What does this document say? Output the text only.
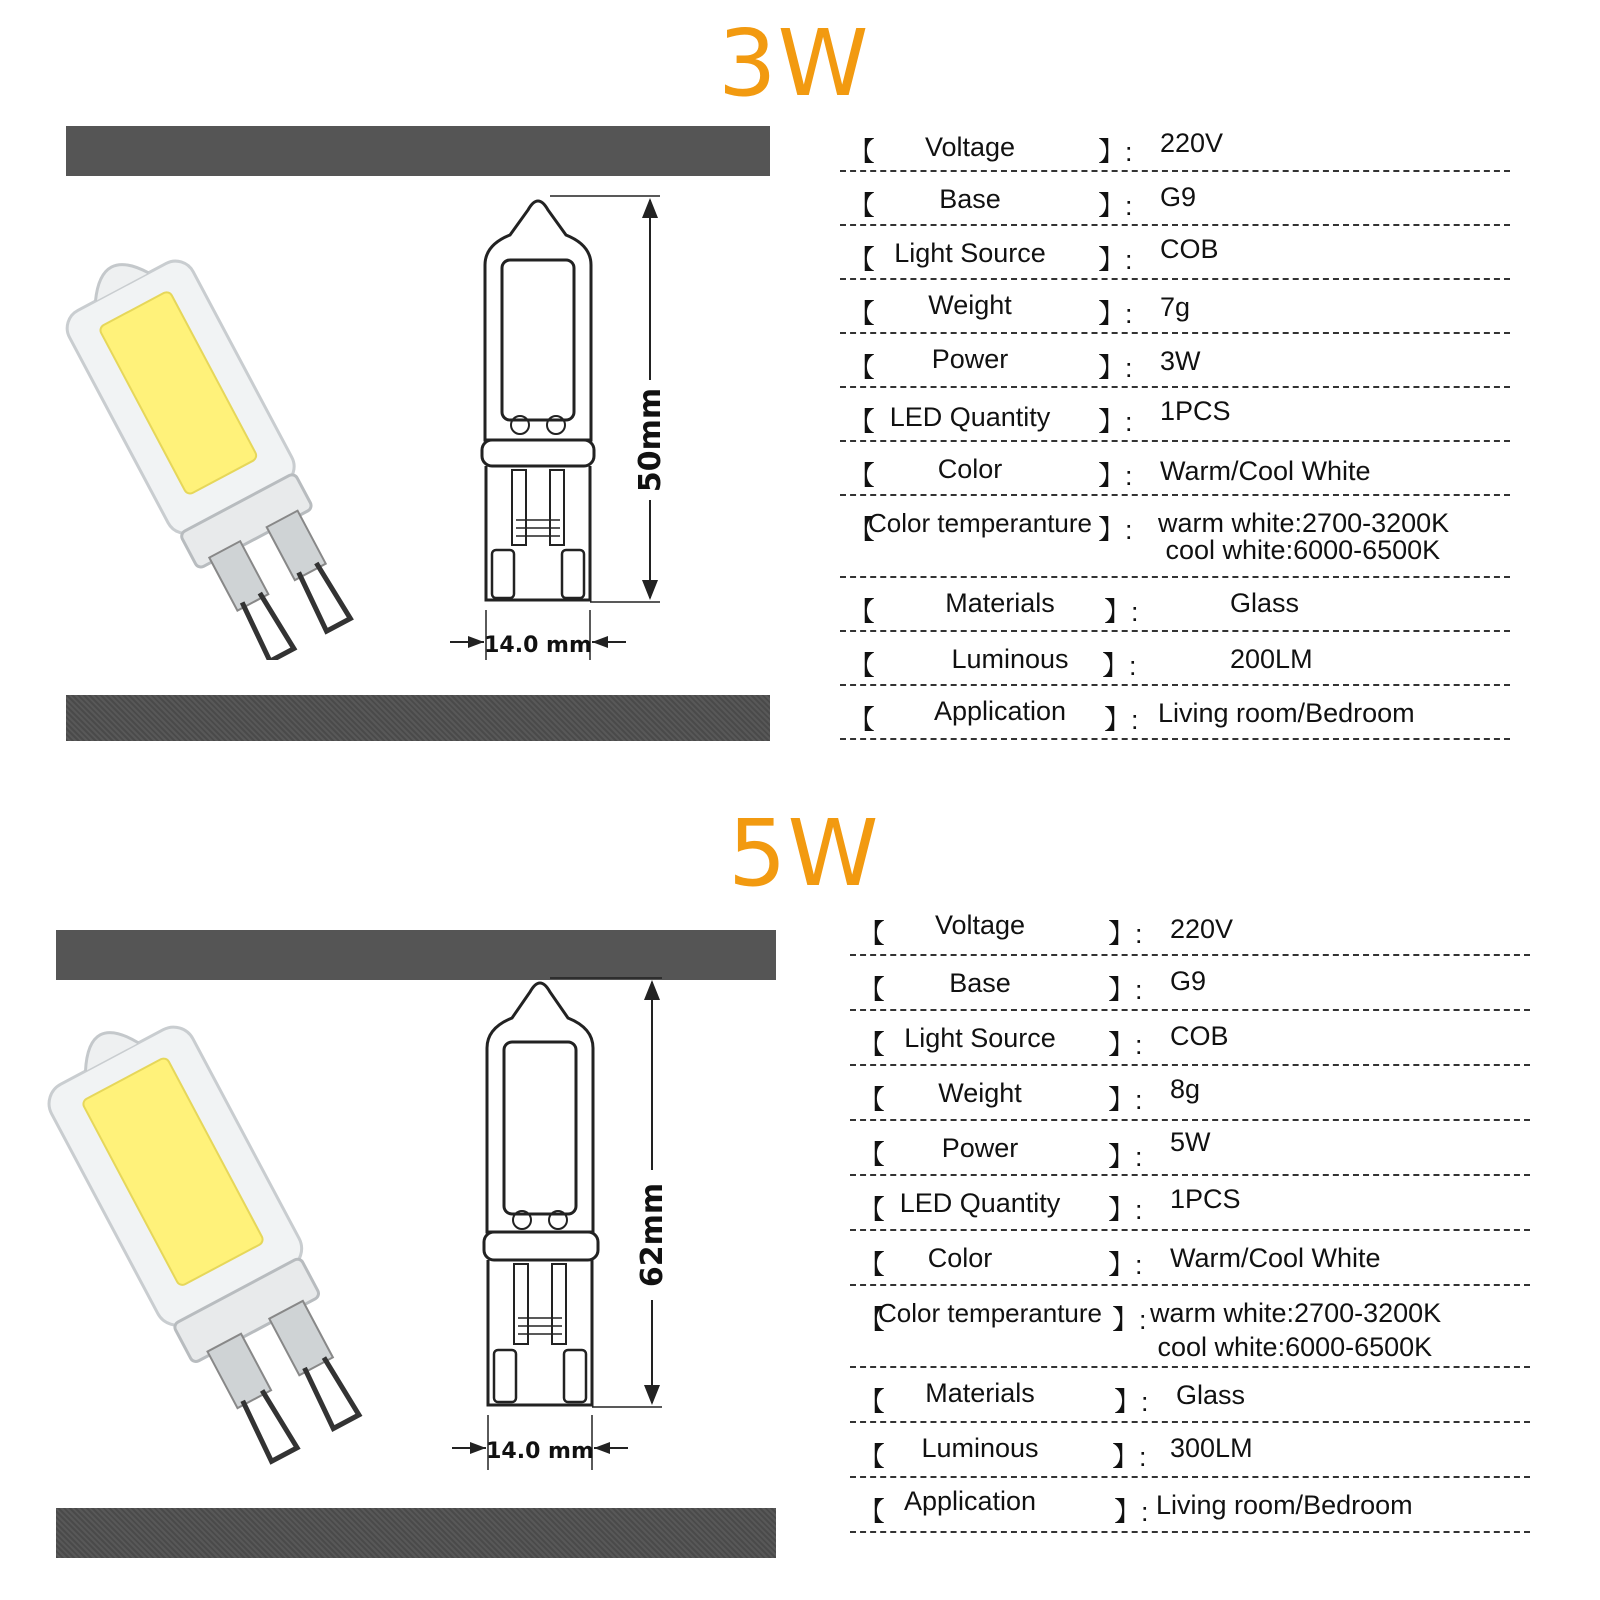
3W
50mm
14.0 mm
【	Voltage	】: 220V
【	Base	】: G9
【 Light Source	】: COB
【	Weight	】: 7g
【	Power	】: 3W
【 LED Quantity	】: 1PCS
【	Color	】: Warm/Cool White
【
Color temperanture 】: warm white:2700-3200K
cool white:6000-6500K
【	Materials	】:	Glass
【	Luminous	】:	200LM
【	Application	】: Living room/Bedroom
5W
62mm
14.0 mm
【	Voltage	】: 220V
【	Base	】: G9
【 Light Source	】: COB
【	Weight	】: 8g
【	Power	】: 5W
【 LED Quantity	】: 1PCS
【	Color	】: Warm/Cool White
【
Color temperanture 】: warm white:2700-3200K
cool white:6000-6500K
【	Materials	】: Glass
【	Luminous	】: 300LM
【 Application	】: Living room/Bedroom
